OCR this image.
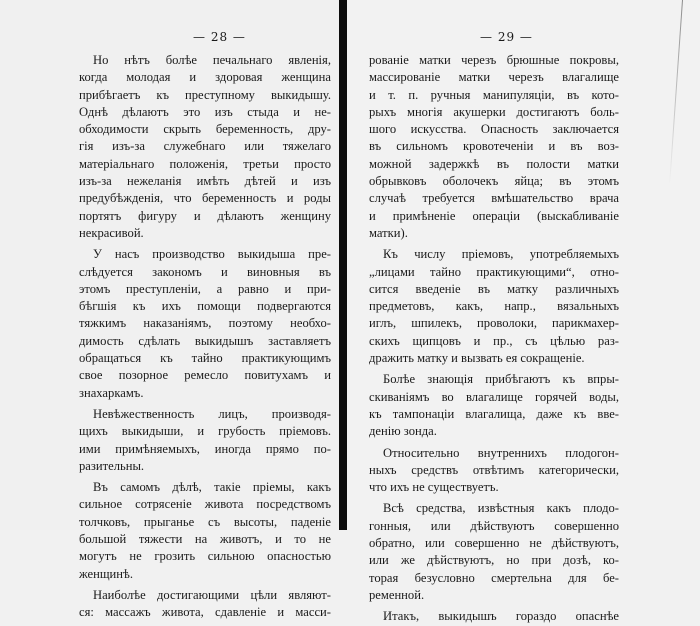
— 28 —
Но нѣтъ болѣе печальнаго явленія,
когда молодая и здоровая женщина
прибѣгаетъ къ преступному выкидышу.
Однѣ дѣлаютъ это изъ стыда и не-
обходимости скрыть беременность, дру-
гія изъ-за служебнаго или тяжелаго
матеріальнаго положенія, третьи просто
изъ-за нежеланія имѣть дѣтей и изъ
предубѣжденія, что беременность и роды
портятъ фигуру и дѣлаютъ женщину
некрасивой.
У насъ производство выкидыша пре-
слѣдуется закономъ и виновныя въ
этомъ преступленіи, а равно и при-
бѣгшія къ ихъ помощи подвергаются
тяжкимъ наказаніямъ, поэтому необхо-
димость сдѣлать выкидышъ заставляетъ
обращаться къ тайно практикующимъ
свое позорное ремесло повитухамъ и
знахаркамъ.
Невѣжественность лицъ, производя-
щихъ выкидыши, и грубость пріемовъ.
ими примѣняемыхъ, иногда прямо по-
разительны.
Въ самомъ дѣлѣ, такіе пріемы, какъ
сильное сотрясеніе живота посредствомъ
толчковъ, прыганье съ высоты, паденіе
большой тяжести на животъ, и то не
могутъ не грозить сильною опасностью
женщинѣ.
Наиболѣе достигающими цѣли являют-
ся: массажъ живота, сдавленіе и масси-
— 29 —
рованіе матки черезъ брюшные покровы,
массированіе матки черезъ влагалище
и т. п. ручныя манипуляціи, въ кото-
рыхъ многія акушерки достигаютъ боль-
шого искусства. Опасность заключается
въ сильномъ кровотеченіи и въ воз-
можной задержкѣ въ полости матки
обрывковъ оболочекъ яйца; въ этомъ
случаѣ требуется вмѣшательство врача
и примѣненіе операціи (выскабливаніе
матки).
Къ числу пріемовъ, употребляемыхъ
„лицами тайно практикующими“, отно-
сится введеніе въ матку различныхъ
предметовъ, какъ, напр., вязальныхъ
иглъ, шпилекъ, проволоки, парикмахер-
скихъ щипцовъ и пр., съ цѣлью раз-
дражить матку и вызвать ея сокращеніе.
Болѣе знающія прибѣгаютъ къ впры-
скиваніямъ во влагалище горячей воды,
къ тампонаціи влагалища, даже къ вве-
денію зонда.
Относительно внутреннихъ плодогон-
ныхъ средствъ отвѣтимъ категорически,
что ихъ не существуетъ.
Всѣ средства, извѣстныя какъ плодо-
гонныя, или дѣйствуютъ совершенно
обратно, или совершенно не дѣйствуютъ,
или же дѣйствуютъ, но при дозѣ, ко-
торая безусловно смертельна для бе-
ременной.
Итакъ, выкидышъ гораздо опаснѣе
